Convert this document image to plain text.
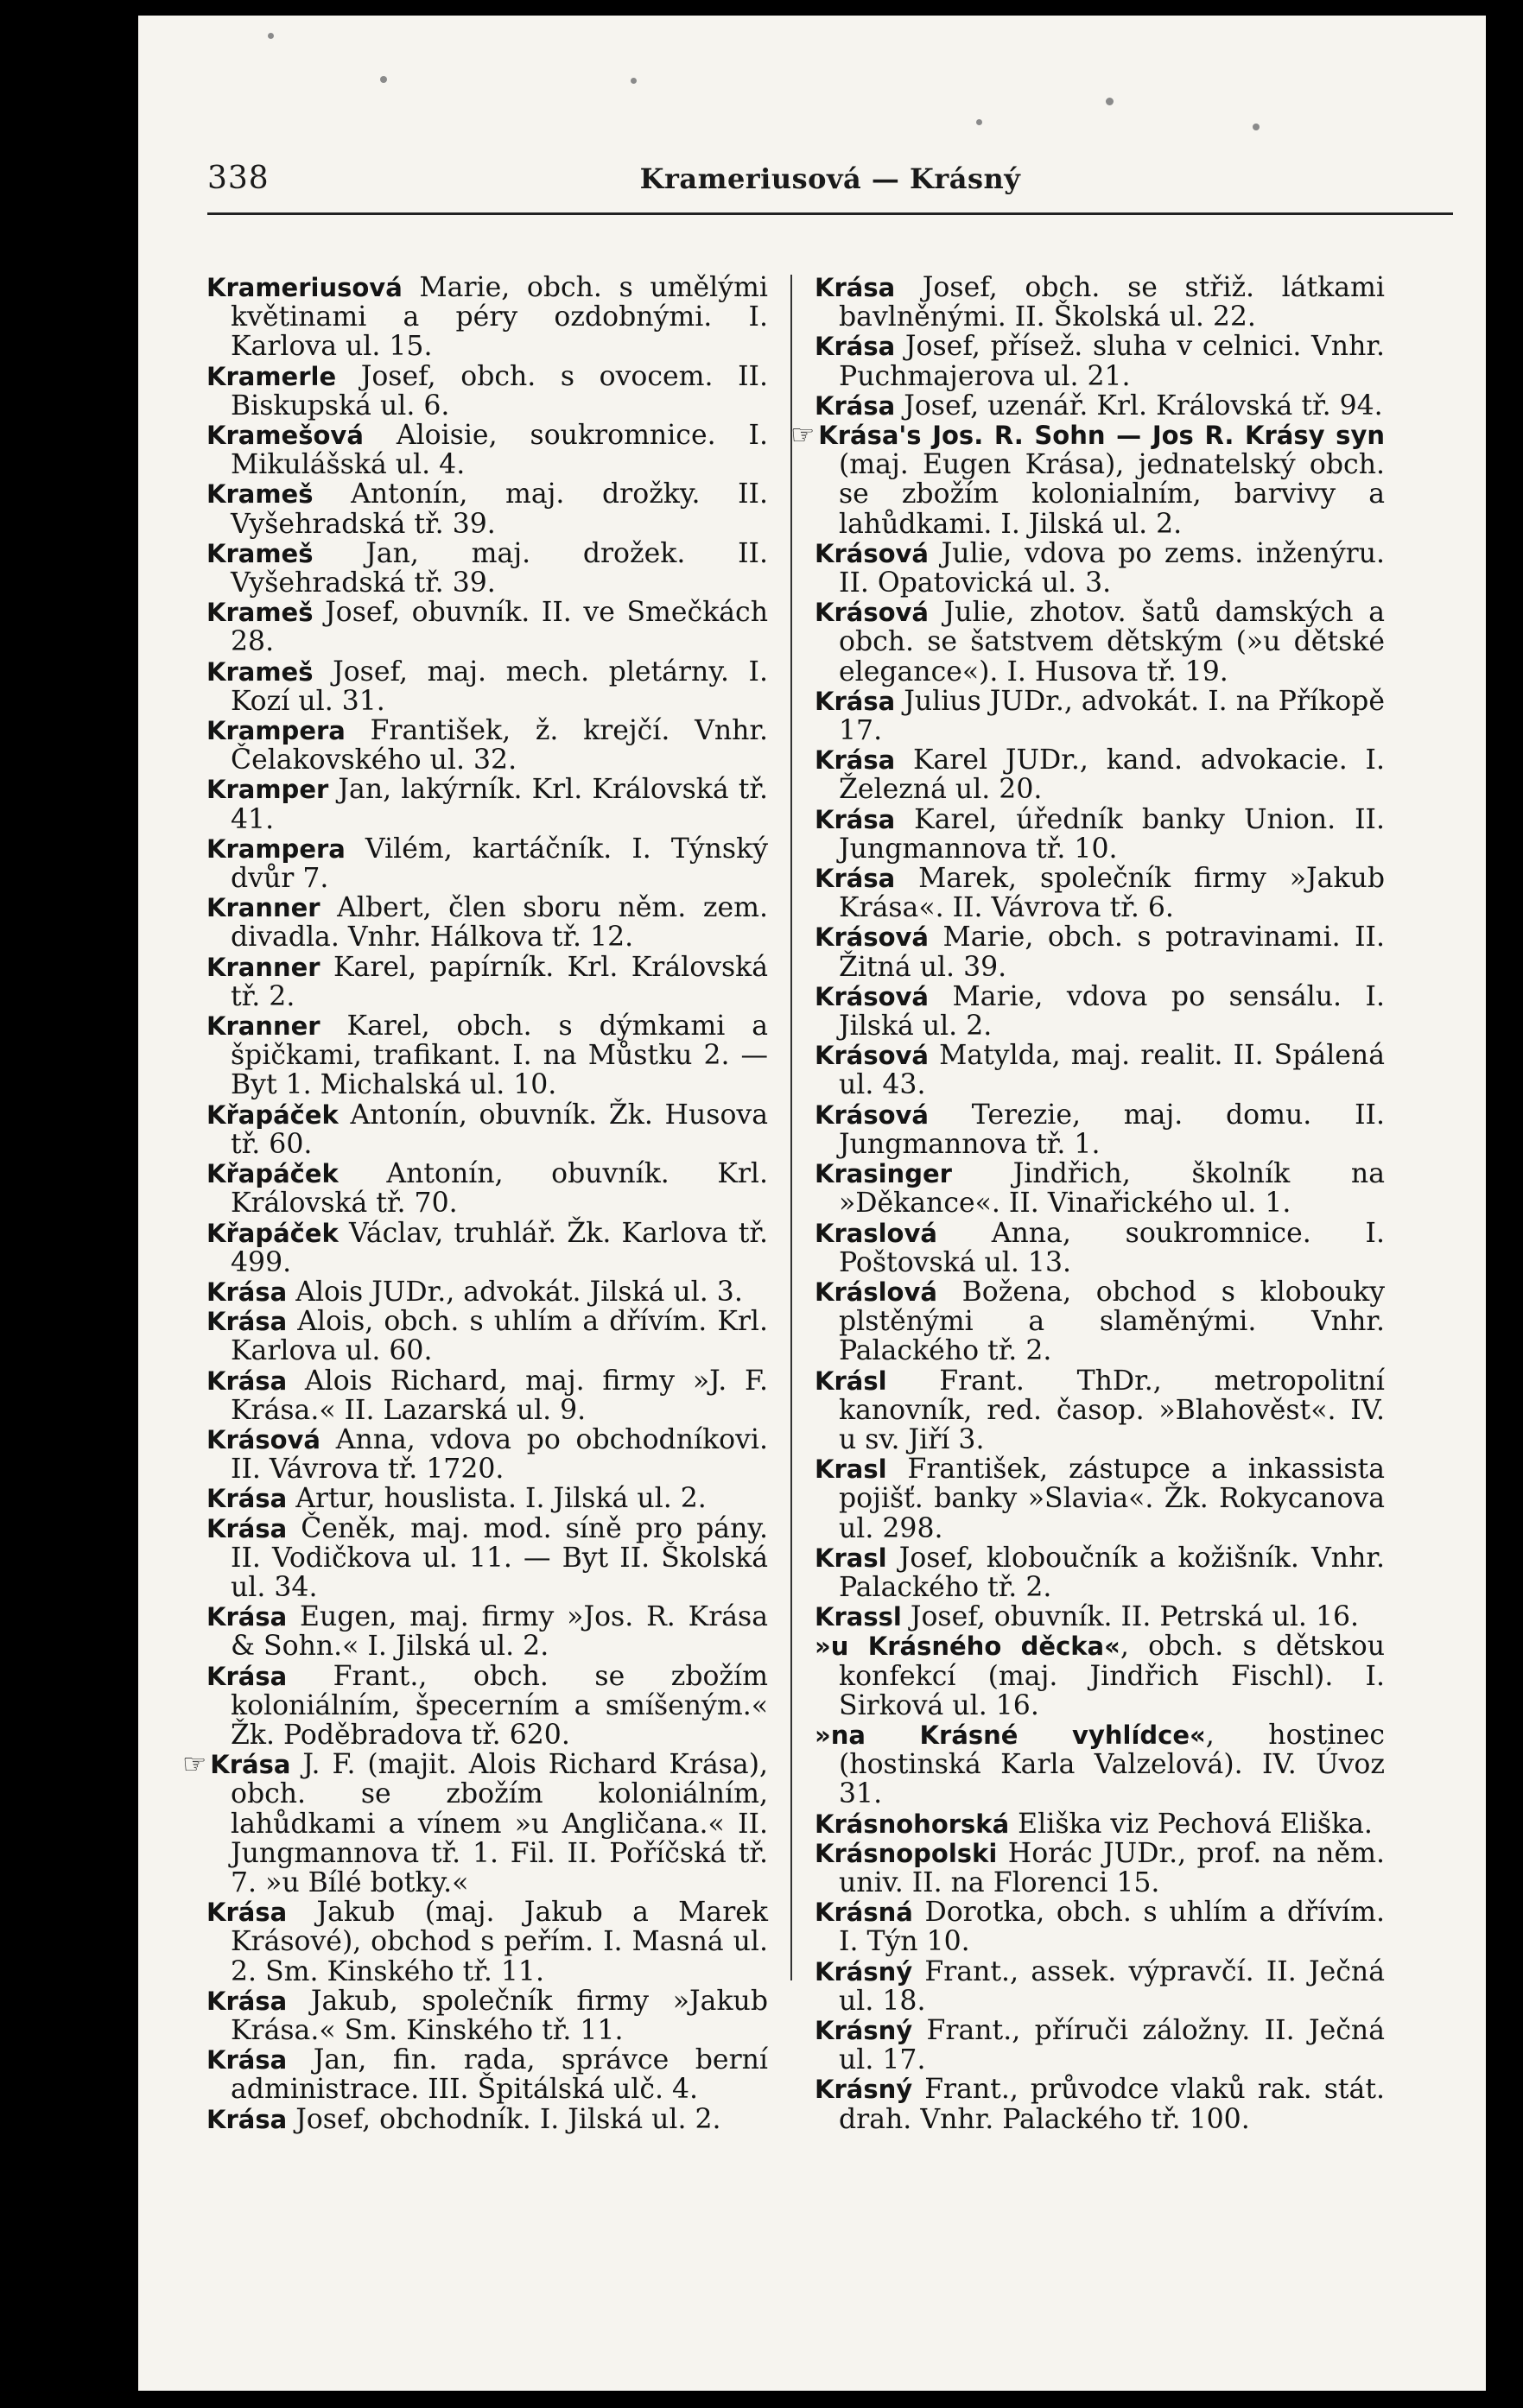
338	Krameriusová — Krásný

Krameriusová Marie, obch. s umělými květinami a péry ozdobnými. I. Karlova ul. 15.

Kramerle Josef, obch. s ovocem. II. Biskupská ul. 6.

Kramešová Aloisie, soukromnice. I. Mikulášská ul. 4.

Krameš Antonín, maj. drožky. II. Vyšehradská tř. 39.

Krameš Jan, maj. drožek. II. Vyšehradská tř. 39.

Krameš Josef, obuvník. II. ve Smečkách 28.

Krameš Josef, maj. mech. pletárny. I. Kozí ul. 31.

Krampera František, ž. krejčí. Vnhr. Čelakovského ul. 32.

Kramper Jan, lakýrník. Krl. Královská tř. 41.

Krampera Vilém, kartáčník. I. Týnský dvůr 7.

Kranner Albert, člen sboru něm. zem. divadla. Vnhr. Hálkova tř. 12.

Kranner Karel, papírník. Krl. Královská tř. 2.

Kranner Karel, obch. s dýmkami a špičkami, trafikant. I. na Můstku 2. — Byt 1. Michalská ul. 10.

Křapáček Antonín, obuvník. Žk. Husova tř. 60.

Křapáček Antonín, obuvník. Krl. Královská tř. 70.

Křapáček Václav, truhlář. Žk. Karlova tř. 499.

Krása Alois JUDr., advokát. Jilská ul. 3.

Krása Alois, obch. s uhlím a dřívím. Krl. Karlova ul. 60.

Krása Alois Richard, maj. firmy »J. F. Krása.« II. Lazarská ul. 9.

Krásová Anna, vdova po obchodníkovi. II. Vávrova tř. 1720.

Krása Artur, houslista. I. Jilská ul. 2.

Krása Čeněk, maj. mod. síně pro pány. II. Vodičkova ul. 11. — Byt II. Školská ul. 34.

Krása Eugen, maj. firmy »Jos. R. Krása & Sohn.« I. Jilská ul. 2.

Krása Frant., obch. se zbožím koloniálním, špecerním a smíšeným.« Žk. Poděbradova tř. 620.

☞ Krása J. F. (majit. Alois Richard Krása), obch. se zbožím koloniálním, lahůdkami a vínem »u Angličana.« II. Jungmannova tř. 1. Fil. II. Poříčská tř. 7. »u Bílé botky.«

Krása Jakub (maj. Jakub a Marek Krásové), obchod s peřím. I. Masná ul. 2. Sm. Kinského tř. 11.

Krása Jakub, společník firmy »Jakub Krása.« Sm. Kinského tř. 11.

Krása Jan, fin. rada, správce berní administrace. III. Špitálská ulč. 4.

Krása Josef, obchodník. I. Jilská ul. 2.

Krása Josef, obch. se střiž. látkami bavlněnými. II. Školská ul. 22.

Krása Josef, přísež. sluha v celnici. Vnhr. Puchmajerova ul. 21.

Krása Josef, uzenář. Krl. Královská tř. 94.

☞ Krása's Jos. R. Sohn — Jos R. Krásy syn (maj. Eugen Krása), jednatelský obch. se zbožím kolonialním, barvivy a lahůdkami. I. Jilská ul. 2.

Krásová Julie, vdova po zems. inženýru. II. Opatovická ul. 3.

Krásová Julie, zhotov. šatů damských a obch. se šatstvem dětským (»u dětské elegance«). I. Husova tř. 19.

Krása Julius JUDr., advokát. I. na Příkopě 17.

Krása Karel JUDr., kand. advokacie. I. Železná ul. 20.

Krása Karel, úředník banky Union. II. Jungmannova tř. 10.

Krása Marek, společník firmy »Jakub Krása«. II. Vávrova tř. 6.

Krásová Marie, obch. s potravinami. II. Žitná ul. 39.

Krásová Marie, vdova po sensálu. I. Jilská ul. 2.

Krásová Matylda, maj. realit. II. Spálená ul. 43.

Krásová Terezie, maj. domu. II. Jungmannova tř. 1.

Krasinger Jindřich, školník na »Děkance«. II. Vinařického ul. 1.

Kraslová Anna, soukromnice. I. Poštovská ul. 13.

Kráslová Božena, obchod s klobouky plstěnými a slaměnými. Vnhr. Palackého tř. 2.

Krásl Frant. ThDr., metropolitní kanovník, red. časop. »Blahověst«. IV. u sv. Jiří 3.

Krasl František, zástupce a inkassista pojišť. banky »Slavia«. Žk. Rokycanova ul. 298.

Krasl Josef, kloboučník a kožišník. Vnhr. Palackého tř. 2.

Krassl Josef, obuvník. II. Petrská ul. 16.

»u Krásného děcka«, obch. s dětskou konfekcí (maj. Jindřich Fischl). I. Sirková ul. 16.

»na Krásné vyhlídce«, hostinec (hostinská Karla Valzelová). IV. Úvoz 31.

Krásnohorská Eliška viz Pechová Eliška.

Krásnopolski Horác JUDr., prof. na něm. univ. II. na Florenci 15.

Krásná Dorotka, obch. s uhlím a dřívím. I. Týn 10.

Krásný Frant., assek. výpravčí. II. Ječná ul. 18.

Krásný Frant., příruči záložny. II. Ječná ul. 17.

Krásný Frant., průvodce vlaků rak. stát. drah. Vnhr. Palackého tř. 100.
